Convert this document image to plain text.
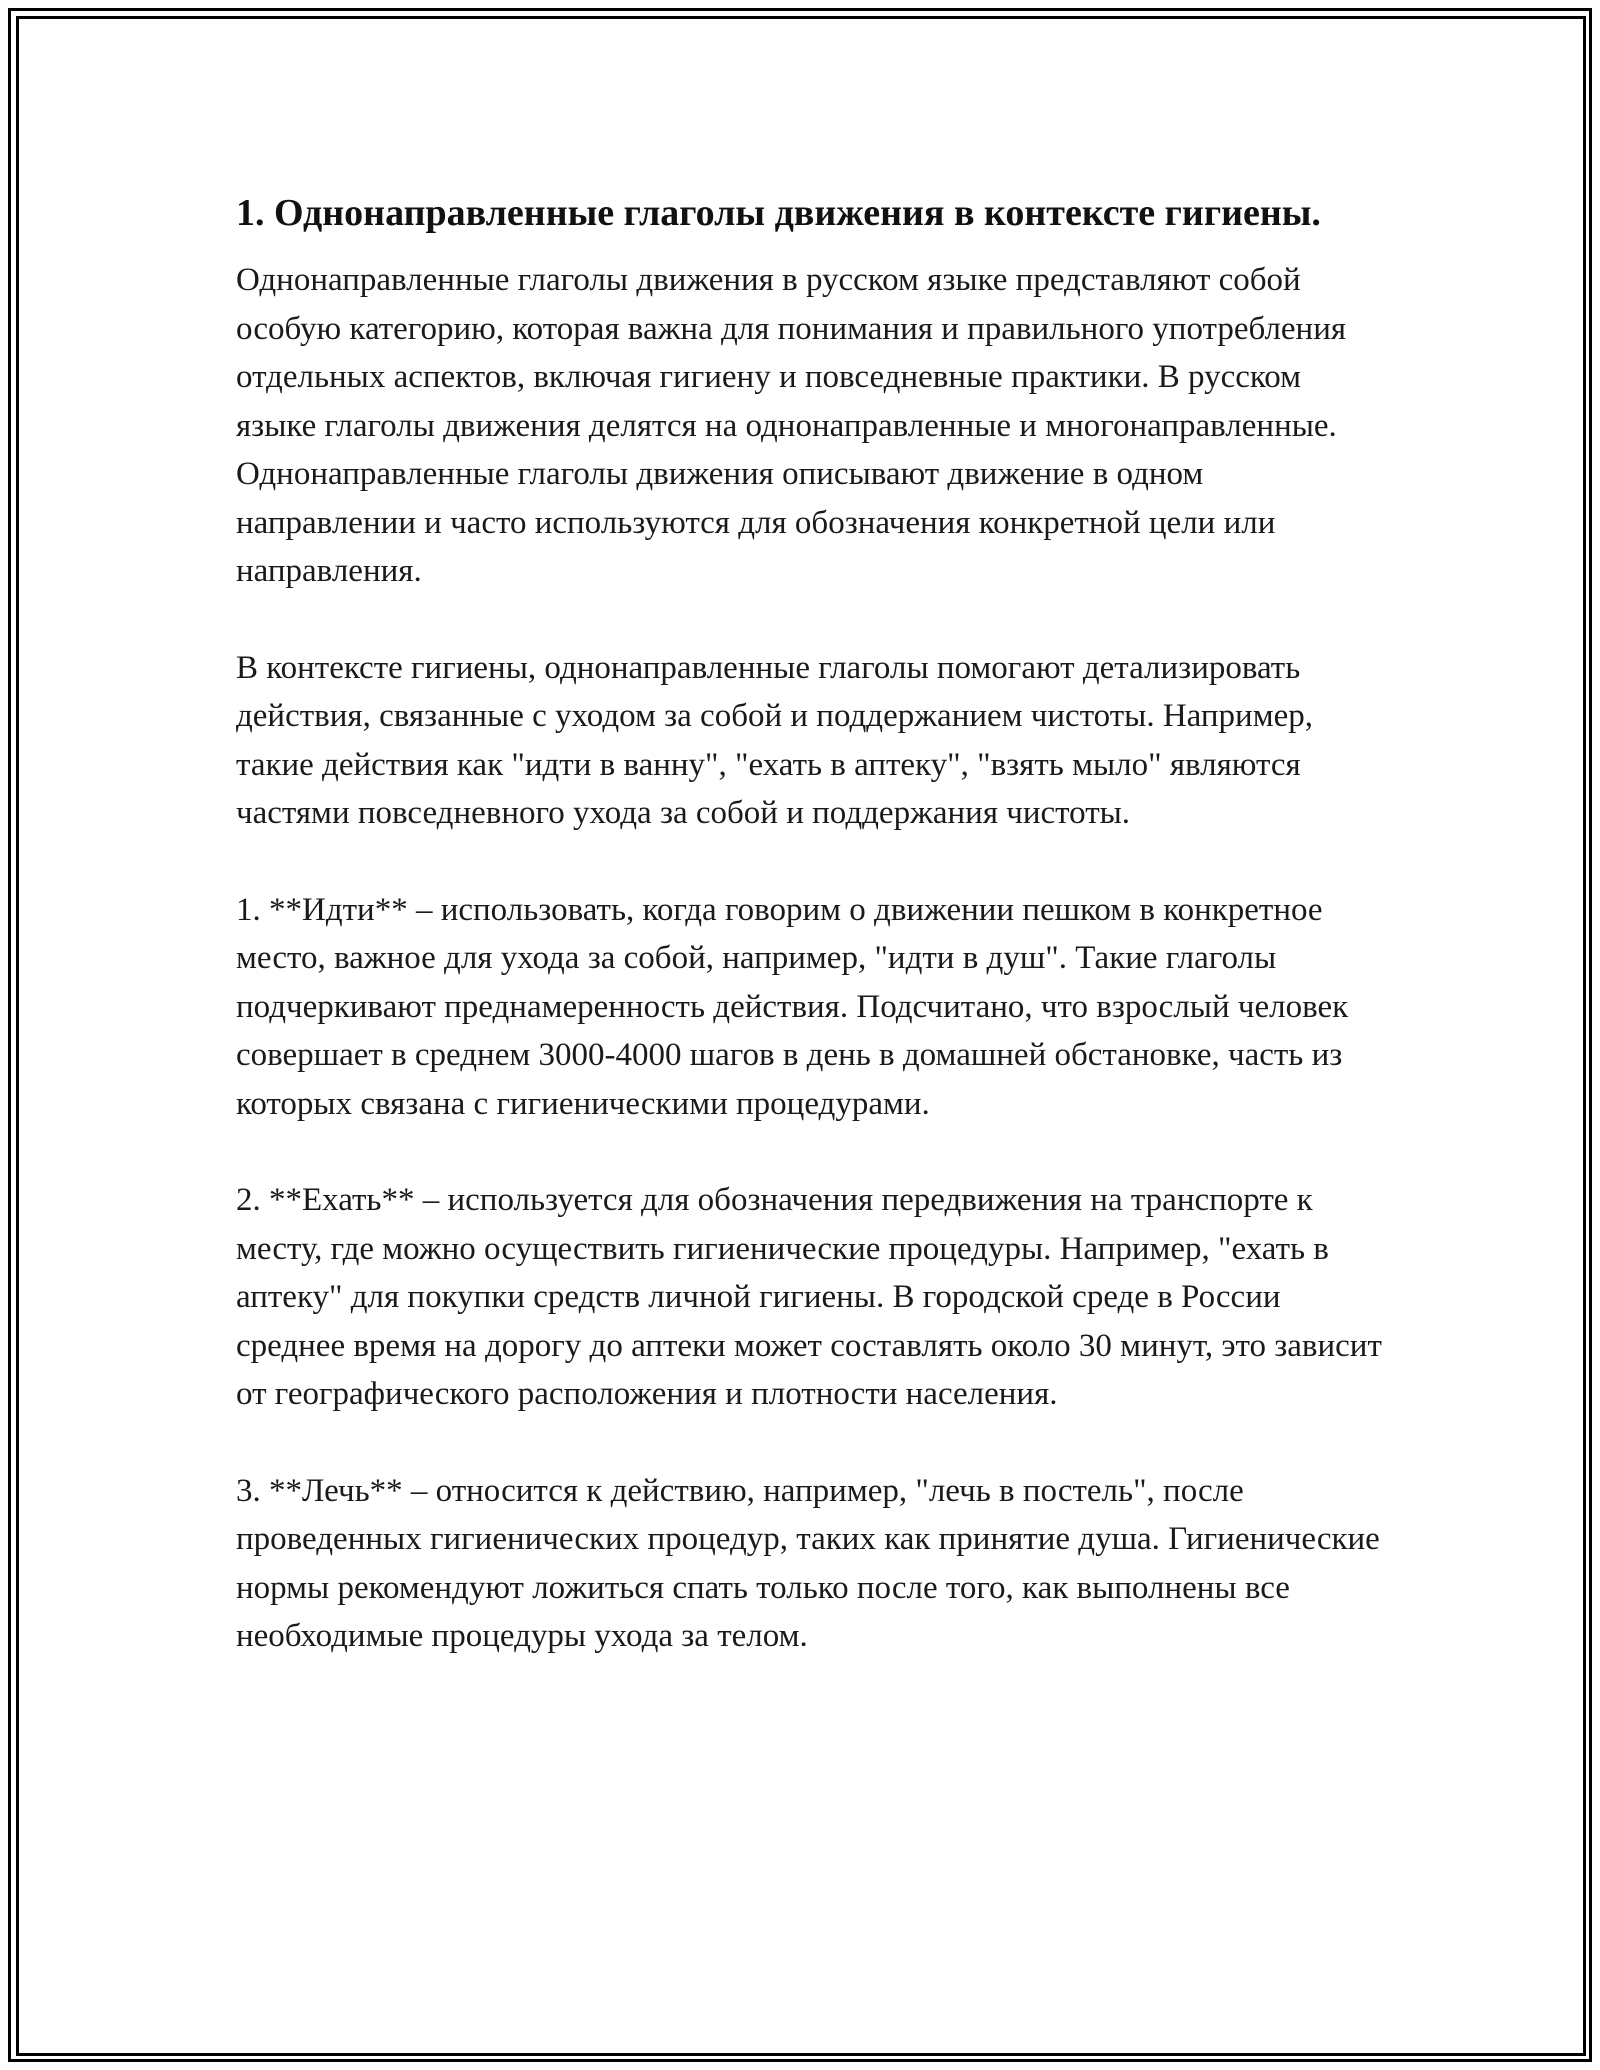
1. Однонаправленные глаголы движения в контексте гигиены.

Однонаправленные глаголы движения в русском языке представляют собой особую категорию, которая важна для понимания и правильного употребления отдельных аспектов, включая гигиену и повседневные практики. В русском языке глаголы движения делятся на однонаправленные и многонаправленные. Однонаправленные глаголы движения описывают движение в одном направлении и часто используются для обозначения конкретной цели или направления.

В контексте гигиены, однонаправленные глаголы помогают детализировать действия, связанные с уходом за собой и поддержанием чистоты. Например, такие действия как "идти в ванну", "ехать в аптеку", "взять мыло" являются частями повседневного ухода за собой и поддержания чистоты.

1. **Идти** – использовать, когда говорим о движении пешком в конкретное место, важное для ухода за собой, например, "идти в душ". Такие глаголы подчеркивают преднамеренность действия. Подсчитано, что взрослый человек совершает в среднем 3000-4000 шагов в день в домашней обстановке, часть из которых связана с гигиеническими процедурами.

2. **Ехать** – используется для обозначения передвижения на транспорте к месту, где можно осуществить гигиенические процедуры. Например, "ехать в аптеку" для покупки средств личной гигиены. В городской среде в России среднее время на дорогу до аптеки может составлять около 30 минут, это зависит от географического расположения и плотности населения.

3. **Лечь** – относится к действию, например, "лечь в постель", после проведенных гигиенических процедур, таких как принятие душа. Гигиенические нормы рекомендуют ложиться спать только после того, как выполнены все необходимые процедуры ухода за телом.
